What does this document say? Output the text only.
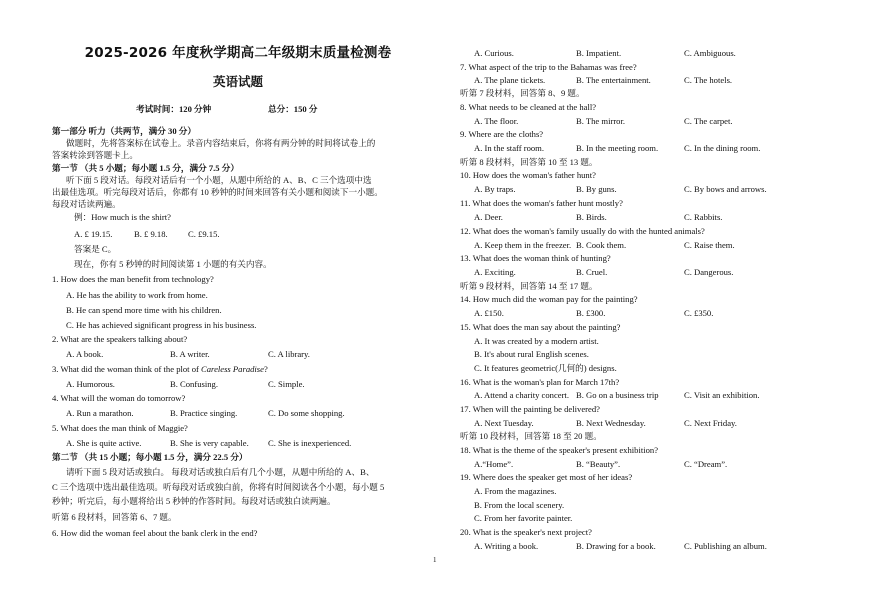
2025-2026 年度秋学期高二年级期末质量检测卷
英语试题
考试时间：120 分钟	总分：150 分
第一部分 听力（共两节，满分 30 分）
做题时，先将答案标在试卷上。录音内容结束后，你将有两分钟的时间将试卷上的
答案转涂到答题卡上。
第一节 （共 5 小题；每小题 1.5 分，满分 7.5 分）
听下面 5 段对话。每段对话后有一个小题，从题中所给的 A、B、C 三个选项中选
出最佳选项。听完每段对话后，你都有 10 秒钟的时间来回答有关小题和阅读下一小题。
每段对话读两遍。
例：How much is the shirt?
A. £ 19.15.	B. £ 9.18. C. £9.15.
答案是 C。
现在，你有 5 秒钟的时间阅读第 1 小题的有关内容。
1. How does the man benefit from technology?
A. He has the ability to work from home.
B. He can spend more time with his children.
C. He has achieved significant progress in his business.
2. What are the speakers talking about?
A. A book.	B. A writer.	C. A library.
3. What did the woman think of the plot of Careless Paradise?
A. Humorous.	B. Confusing.	C. Simple.
4. What will the woman do tomorrow?
A. Run a marathon.	B. Practice singing.	C. Do some shopping.
5. What does the man think of Maggie?
A. She is quite active.	B. She is very capable. C. She is inexperienced.
第二节 （共 15 小题；每小题 1.5 分，满分 22.5 分）
请听下面 5 段对话或独白。 每段对话或独白后有几个小题，从题中所给的 A、B、
C 三个选项中选出最佳选项。听每段对话或独白前，你将有时间阅读各个小题，每小题 5
秒钟；听完后，每小题将给出 5 秒钟的作答时间。每段对话或独白读两遍。
听第 6 段材料，回答第 6、7 题。
6. How did the woman feel about the bank clerk in the end?
A. Curious.	B. Impatient.	C. Ambiguous.
7. What aspect of the trip to the Bahamas was free?
A. The plane tickets.	B. The entertainment.	C. The hotels.
听第 7 段材料，回答第 8、9 题。
8. What needs to be cleaned at the hall?
A. The floor.	B. The mirror.	C. The carpet.
9. Where are the cloths?
A. In the staff room.	B. In the meeting room.	C. In the dining room.
听第 8 段材料，回答第 10 至 13 题。
10. How does the woman's father hunt?
A. By traps.	B. By guns.	C. By bows and arrows.
11. What does the woman's father hunt mostly?
A. Deer.	B. Birds.	C. Rabbits.
12. What does the woman's family usually do with the hunted animals?
A. Keep them in the freezer. B. Cook them.	C. Raise them.
13. What does the woman think of hunting?
A. Exciting.	B. Cruel.	C. Dangerous.
听第 9 段材料，回答第 14 至 17 题。
14. How much did the woman pay for the painting?
A. £150.	B. £300.	C. £350.
15. What does the man say about the painting?
A. It was created by a modern artist.
B. It's about rural English scenes.
C. It features geometric(几何的) designs.
16. What is the woman's plan for March 17th?
A. Attend a charity concert. B. Go on a business trip	C. Visit an exhibition.
17. When will the painting be delivered?
A. Next Tuesday.	B. Next Wednesday.	C. Next Friday.
听第 10 段材料，回答第 18 至 20 题。
18. What is the theme of the speaker's present exhibition?
A.“Home”.	B. “Beauty”.	C. “Dream”.
19. Where does the speaker get most of her ideas?
A. From the magazines.
B. From the local scenery.
C. From her favorite painter.
20. What is the speaker's next project?
A. Writing a book.	B. Drawing for a book.	C. Publishing an album.
1
